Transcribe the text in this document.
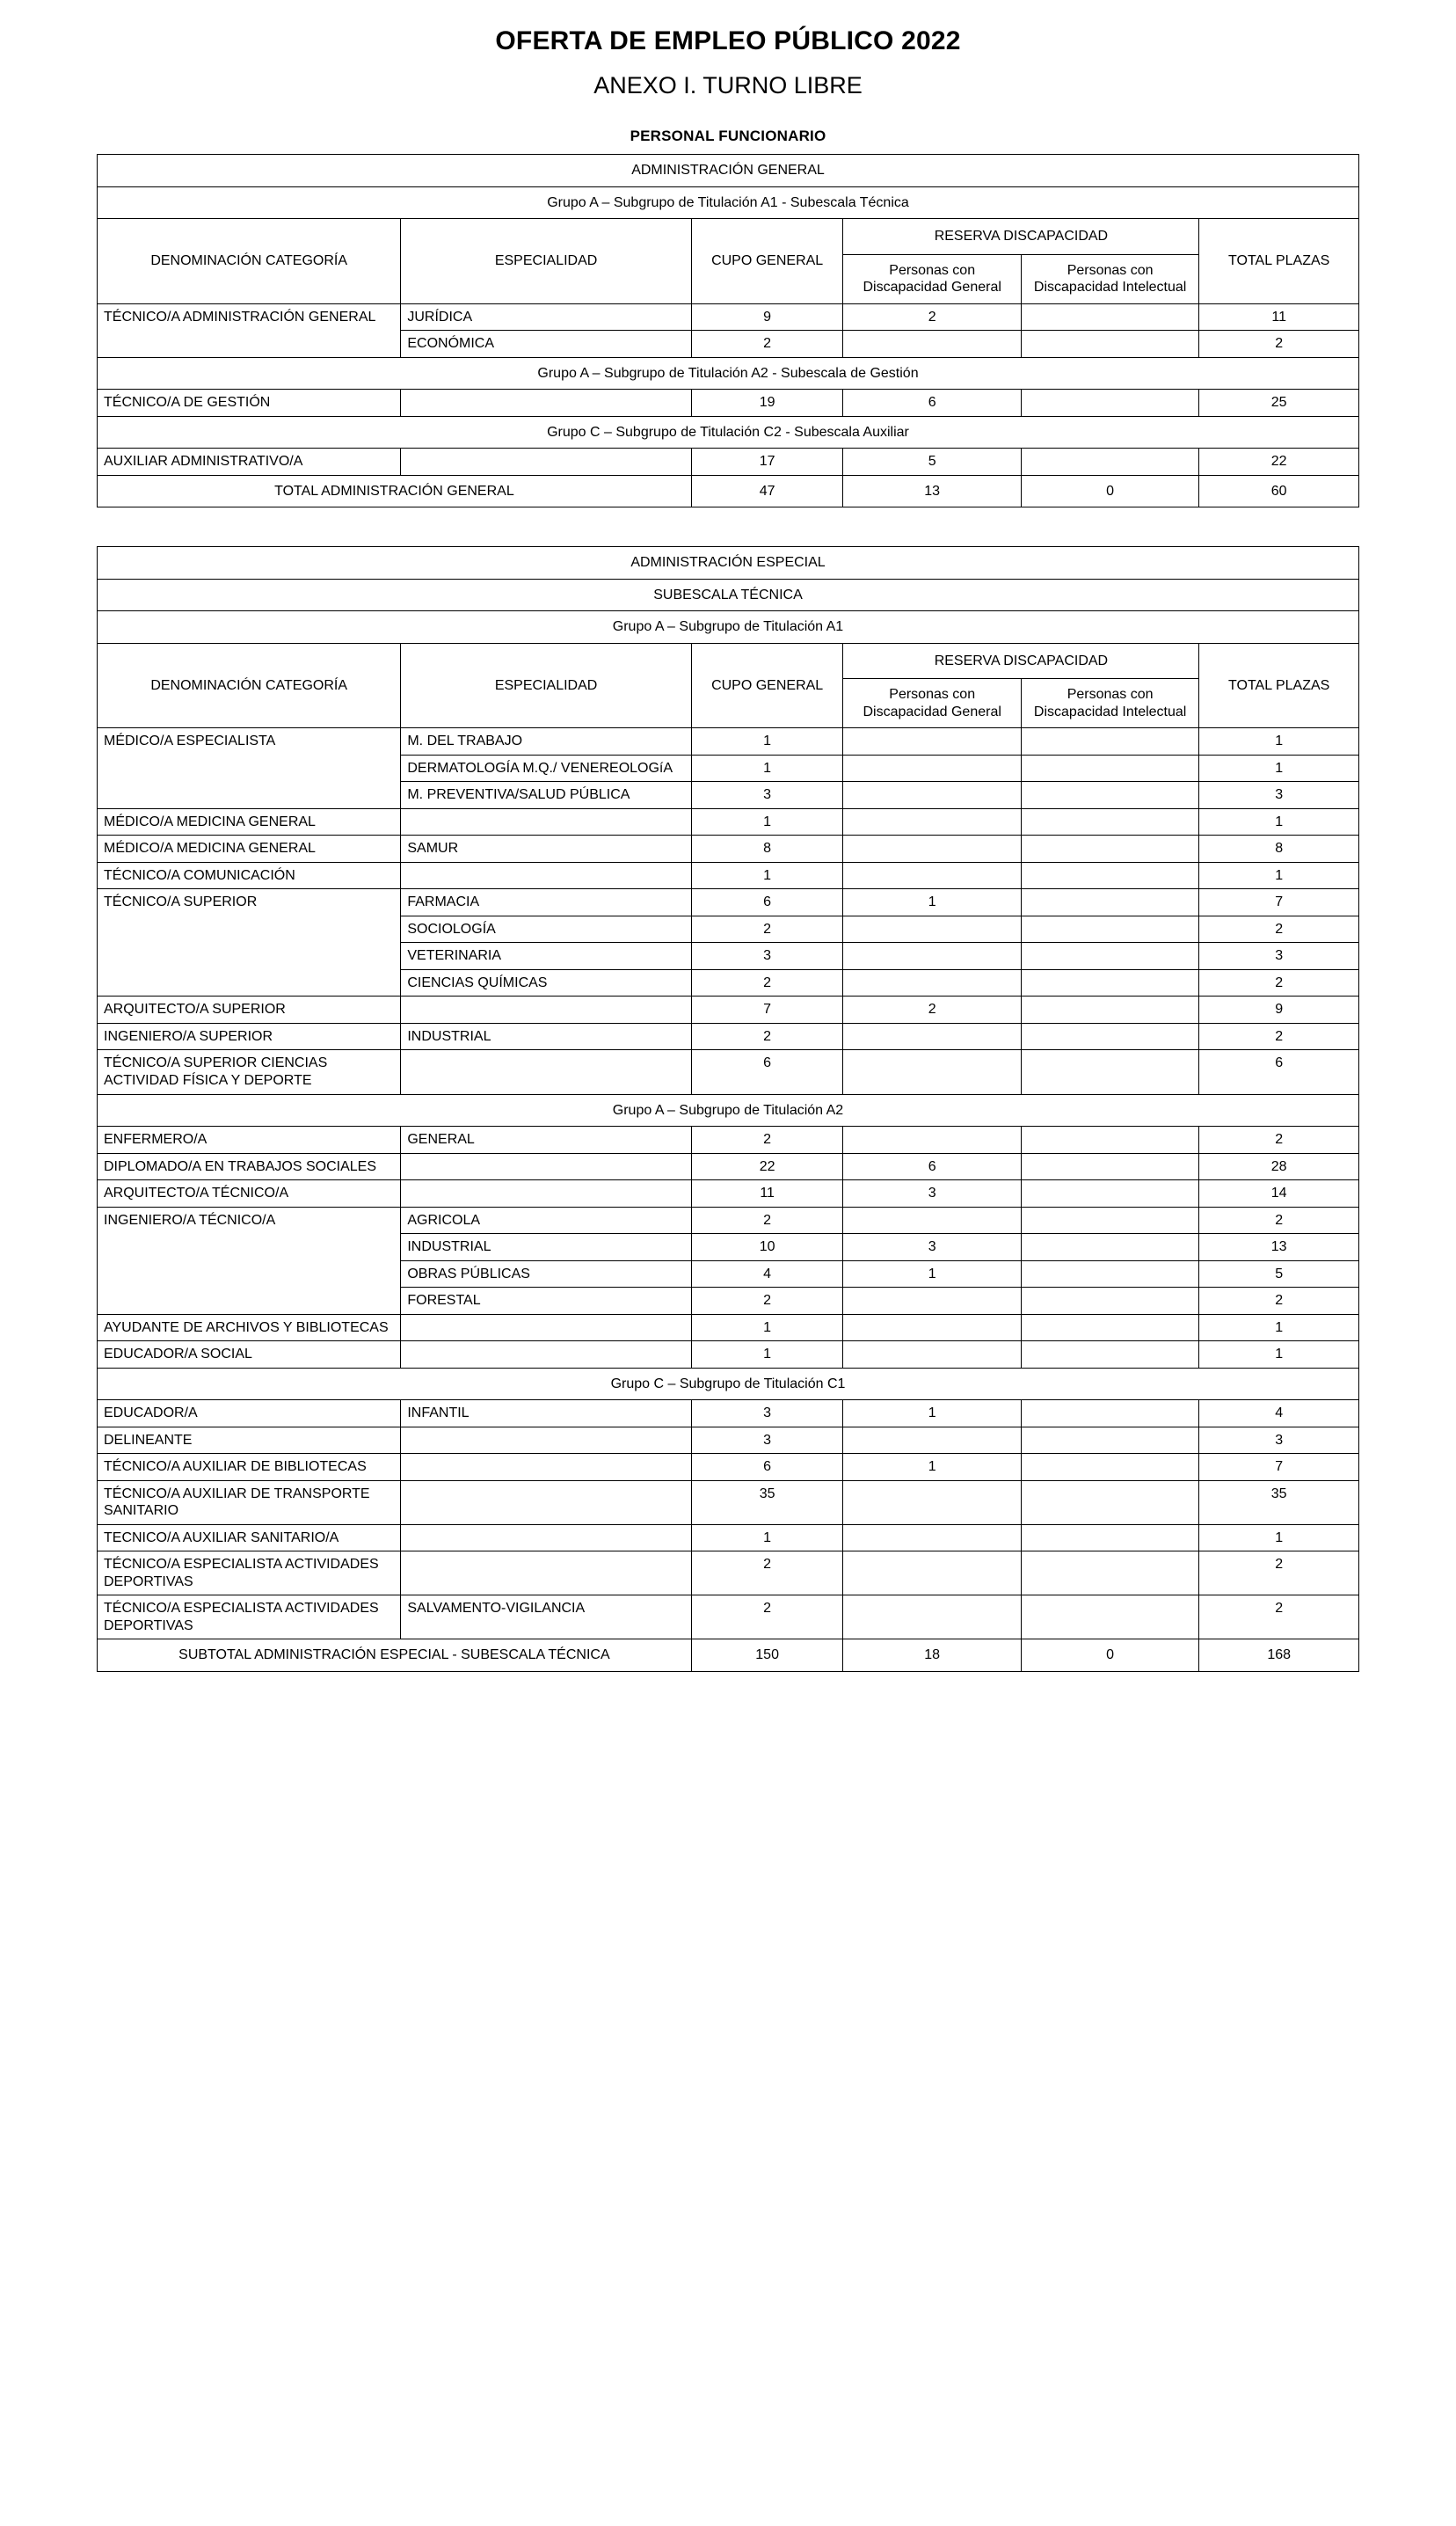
OFERTA DE EMPLEO PÚBLICO 2022
ANEXO I. TURNO LIBRE
PERSONAL FUNCIONARIO
ADMINISTRACIÓN GENERAL					
Grupo A – Subgrupo de Titulación A1 - Subescala Técnica					
DENOMINACIÓN CATEGORÍA	ESPECIALIDAD	CUPO GENERAL	RESERVA DISCAPACIDAD		TOTAL PLAZAS
			Personas con Discapacidad General	Personas con Discapacidad Intelectual	
TÉCNICO/A ADMINISTRACIÓN GENERAL	JURÍDICA	9	2		11
	ECONÓMICA	2			2
Grupo A – Subgrupo de Titulación A2 - Subescala de Gestión					
TÉCNICO/A DE GESTIÓN		19	6		25
Grupo C – Subgrupo de Titulación C2 - Subescala Auxiliar					
AUXILIAR ADMINISTRATIVO/A		17	5		22
TOTAL ADMINISTRACIÓN GENERAL		47	13	0	60
ADMINISTRACIÓN ESPECIAL					
SUBESCALA TÉCNICA					
Grupo A – Subgrupo de Titulación A1					
DENOMINACIÓN CATEGORÍA	ESPECIALIDAD	CUPO GENERAL	RESERVA DISCAPACIDAD		TOTAL PLAZAS
			Personas con Discapacidad General	Personas con Discapacidad Intelectual	
MÉDICO/A ESPECIALISTA	M. DEL TRABAJO	1			1
	DERMATOLOGÍA M.Q./ VENEREOLOGíA	1			1
	M. PREVENTIVA/SALUD PÚBLICA	3			3
MÉDICO/A MEDICINA GENERAL		1			1
MÉDICO/A MEDICINA GENERAL	SAMUR	8			8
TÉCNICO/A COMUNICACIÓN		1			1
TÉCNICO/A SUPERIOR	FARMACIA	6	1		7
	SOCIOLOGÍA	2			2
	VETERINARIA	3			3
	CIENCIAS QUÍMICAS	2			2
ARQUITECTO/A SUPERIOR		7	2		9
INGENIERO/A SUPERIOR	INDUSTRIAL	2			2
TÉCNICO/A SUPERIOR CIENCIAS ACTIVIDAD FÍSICA Y DEPORTE		6			6
Grupo A – Subgrupo de Titulación A2					
ENFERMERO/A	GENERAL	2			2
DIPLOMADO/A EN TRABAJOS SOCIALES		22	6		28
ARQUITECTO/A TÉCNICO/A		11	3		14
INGENIERO/A TÉCNICO/A	AGRICOLA	2			2
	INDUSTRIAL	10	3		13
	OBRAS PÚBLICAS	4	1		5
	FORESTAL	2			2
AYUDANTE DE ARCHIVOS Y BIBLIOTECAS		1			1
EDUCADOR/A SOCIAL		1			1
Grupo C – Subgrupo de Titulación C1					
EDUCADOR/A	INFANTIL	3	1		4
DELINEANTE		3			3
TÉCNICO/A AUXILIAR DE BIBLIOTECAS		6	1		7
TÉCNICO/A AUXILIAR DE TRANSPORTE SANITARIO		35			35
TECNICO/A AUXILIAR SANITARIO/A		1			1
TÉCNICO/A ESPECIALISTA ACTIVIDADES DEPORTIVAS		2			2
TÉCNICO/A ESPECIALISTA ACTIVIDADES DEPORTIVAS	SALVAMENTO-VIGILANCIA	2			2
SUBTOTAL ADMINISTRACIÓN ESPECIAL - SUBESCALA TÉCNICA		150	18	0	168
